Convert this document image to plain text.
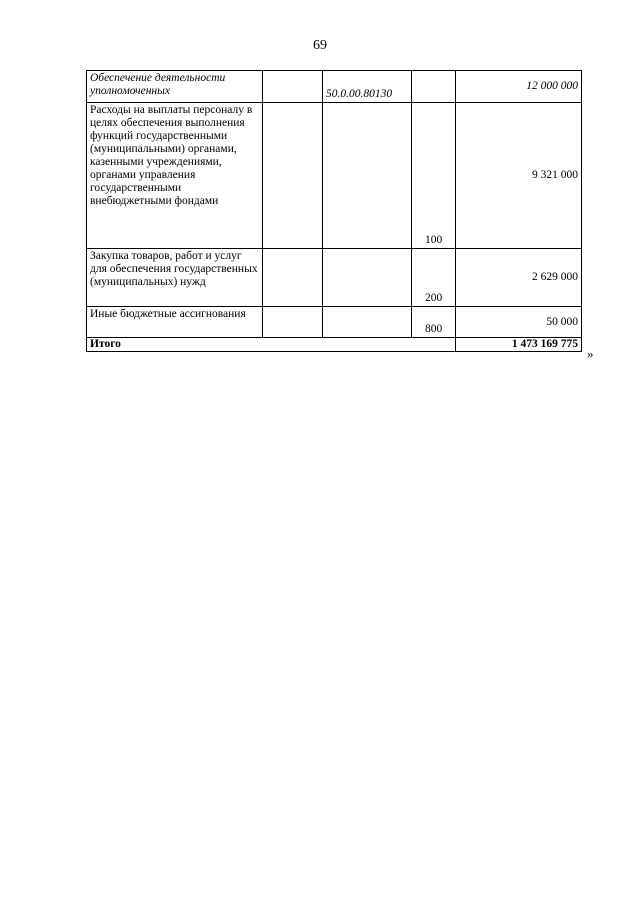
69
Обеспечение деятельности уполномоченных		50.0.00.80130		12 000 000
Расходы на выплаты персоналу в целях обеспечения выполнения функций государственными (муниципальными) органами, казенными учреждениями, органами управления государственными внебюджетными фондами			100	9 321 000
Закупка товаров, работ и услуг для обеспечения государственных (муниципальных) нужд			200	2 629 000
Иные бюджетные ассигнования			800	50 000
Итого				1 473 169 775
»
